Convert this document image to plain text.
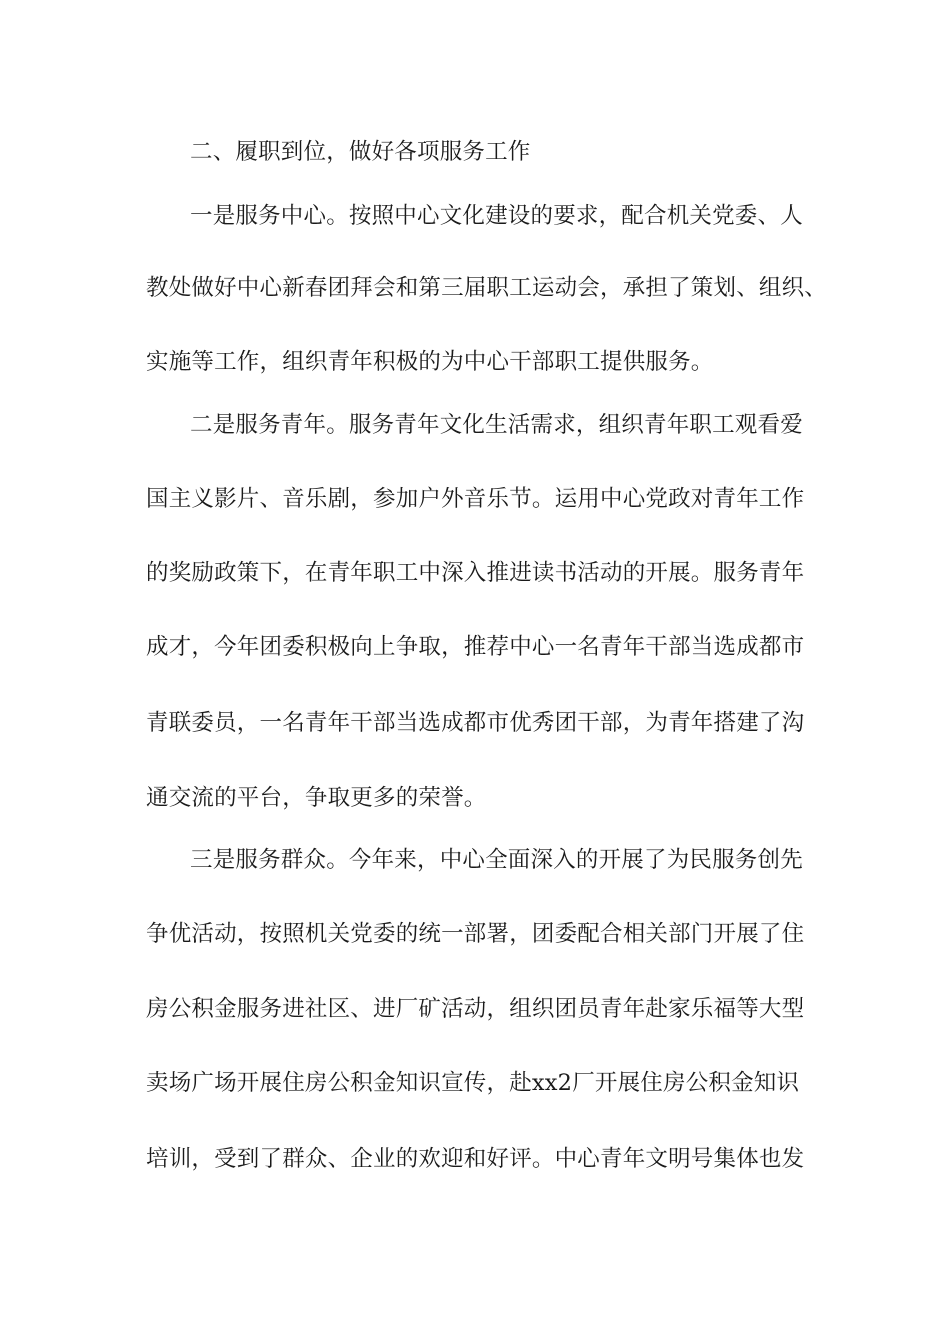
二、履职到位，做好各项服务工作
一是服务中心。按照中心文化建设的要求，配合机关党委、人
教处做好中心新春团拜会和第三届职工运动会，承担了策划、组织、
实施等工作，组织青年积极的为中心干部职工提供服务。
二是服务青年。服务青年文化生活需求，组织青年职工观看爱
国主义影片、音乐剧，参加户外音乐节。运用中心党政对青年工作
的奖励政策下，在青年职工中深入推进读书活动的开展。服务青年
成才，今年团委积极向上争取，推荐中心一名青年干部当选成都市
青联委员，一名青年干部当选成都市优秀团干部，为青年搭建了沟
通交流的平台，争取更多的荣誉。
三是服务群众。今年来，中心全面深入的开展了为民服务创先
争优活动，按照机关党委的统一部署，团委配合相关部门开展了住
房公积金服务进社区、进厂矿活动，组织团员青年赴家乐福等大型
卖场广场开展住房公积金知识宣传，赴xx2厂开展住房公积金知识
培训，受到了群众、企业的欢迎和好评。中心青年文明号集体也发
